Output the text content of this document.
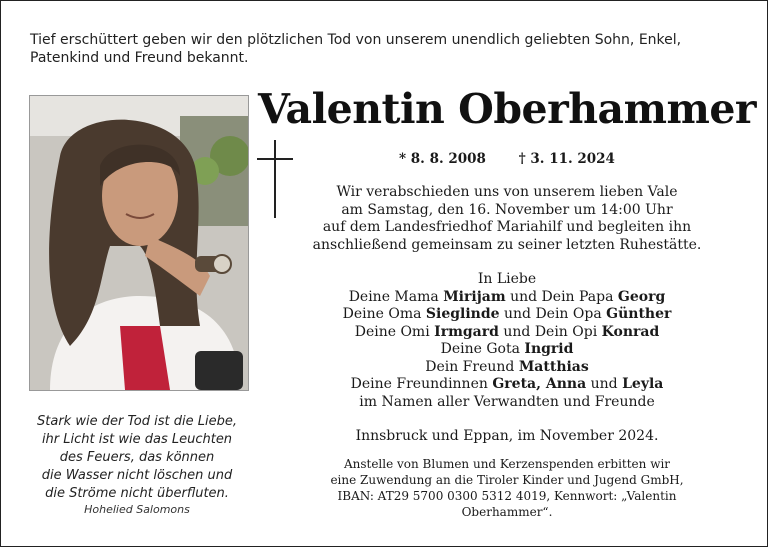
Tief erschüttert geben wir den plötzlichen Tod von unserem unendlich geliebten Sohn, Enkel,
Patenkind und Freund bekannt.
Valentin Oberhammer
* 8. 8. 2008 † 3. 11. 2024

Wir verabschieden uns von unserem lieben Vale

am Samstag, den 16. November um 14:00 Uhr

auf dem Landesfriedhof Mariahilf und begleiten ihn

anschließend gemeinsam zu seiner letzten Ruhestätte.

In Liebe

Deine Mama Mirijam und Dein Papa Georg

Deine Oma Sieglinde und Dein Opa Günther

Deine Omi Irmgard und Dein Opi Konrad

Deine Gota Ingrid

Dein Freund Matthias

Deine Freundinnen Greta, Anna und Leyla

im Namen aller Verwandten und Freunde

Innsbruck und Eppan, im November 2024.

Anstelle von Blumen und Kerzenspenden erbitten wir

eine Zuwendung an die Tiroler Kinder und Jugend GmbH,

IBAN: AT29 5700 0300 5312 4019, Kennwort: „Valentin Oberhammer“.

Stark wie der Tod ist die Liebe,
ihr Licht ist wie das Leuchten
des Feuers, das können
die Wasser nicht löschen und
die Ströme nicht überfluten.
Hohelied Salomons
